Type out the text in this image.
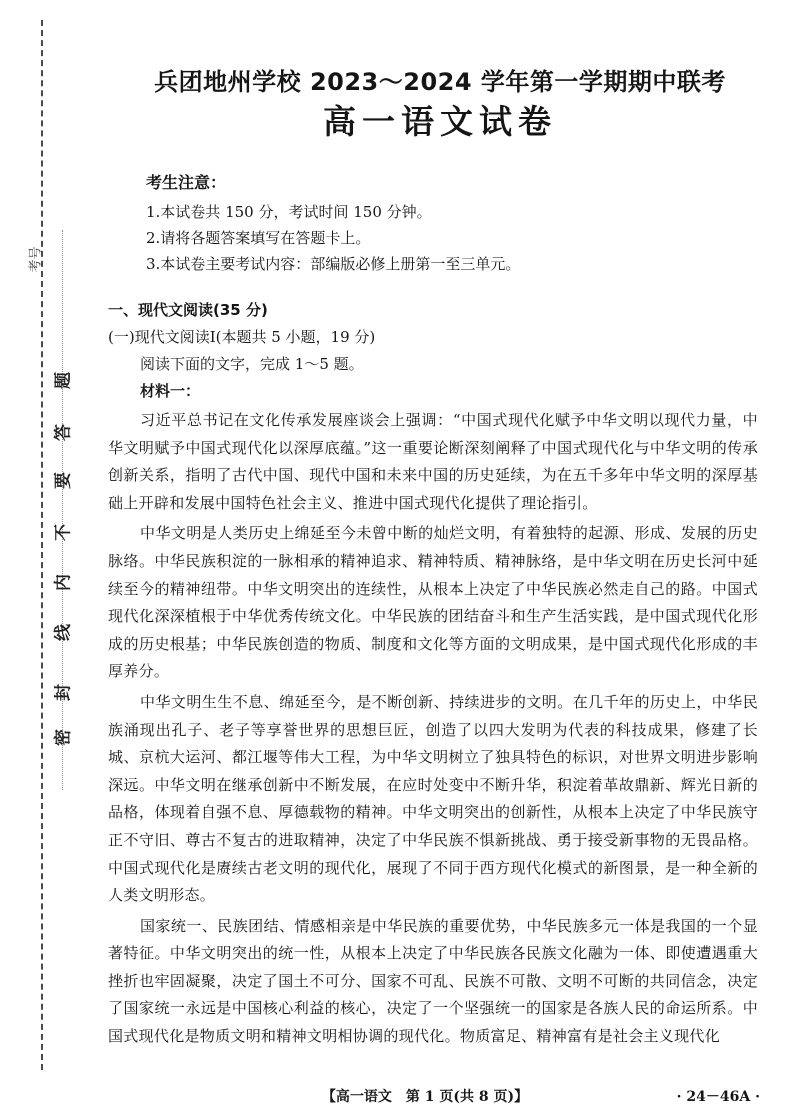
考号
密
封
线
内
不
要
答
题
兵团地州学校 2023～2024 学年第一学期期中联考
高一语文试卷
考生注意：
1.本试卷共 150 分，考试时间 150 分钟。
2.请将各题答案填写在答题卡上。
3.本试卷主要考试内容：部编版必修上册第一至三单元。
一、现代文阅读(35 分)
(一)现代文阅读Ⅰ(本题共 5 小题，19 分)
阅读下面的文字，完成 1～5 题。
材料一：

习近平总书记在文化传承发展座谈会上强调：“中国式现代化赋予中华文明以现代力量，中华文明赋予中国式现代化以深厚底蕴。”这一重要论断深刻阐释了中国式现代化与中华文明的传承创新关系，指明了古代中国、现代中国和未来中国的历史延续，为在五千多年中华文明的深厚基础上开辟和发展中国特色社会主义、推进中国式现代化提供了理论指引。

中华文明是人类历史上绵延至今未曾中断的灿烂文明，有着独特的起源、形成、发展的历史脉络。中华民族积淀的一脉相承的精神追求、精神特质、精神脉络，是中华文明在历史长河中延续至今的精神纽带。中华文明突出的连续性，从根本上决定了中华民族必然走自己的路。中国式现代化深深植根于中华优秀传统文化。中华民族的团结奋斗和生产生活实践，是中国式现代化形成的历史根基；中华民族创造的物质、制度和文化等方面的文明成果，是中国式现代化形成的丰厚养分。

中华文明生生不息、绵延至今，是不断创新、持续进步的文明。在几千年的历史上，中华民族涌现出孔子、老子等享誉世界的思想巨匠，创造了以四大发明为代表的科技成果，修建了长城、京杭大运河、都江堰等伟大工程，为中华文明树立了独具特色的标识，对世界文明进步影响深远。中华文明在继承创新中不断发展，在应时处变中不断升华，积淀着革故鼎新、辉光日新的品格，体现着自强不息、厚德载物的精神。中华文明突出的创新性，从根本上决定了中华民族守正不守旧、尊古不复古的进取精神，决定了中华民族不惧新挑战、勇于接受新事物的无畏品格。中国式现代化是赓续古老文明的现代化，展现了不同于西方现代化模式的新图景，是一种全新的人类文明形态。

国家统一、民族团结、情感相亲是中华民族的重要优势，中华民族多元一体是我国的一个显著特征。中华文明突出的统一性，从根本上决定了中华民族各民族文化融为一体、即使遭遇重大挫折也牢固凝聚，决定了国土不可分、国家不可乱、民族不可散、文明不可断的共同信念，决定了国家统一永远是中国核心利益的核心，决定了一个坚强统一的国家是各族人民的命运所系。中国式现代化是物质文明和精神文明相协调的现代化。物质富足、精神富有是社会主义现代化

【高一语文　第 1 页(共 8 页)】	· 24－46A ·
